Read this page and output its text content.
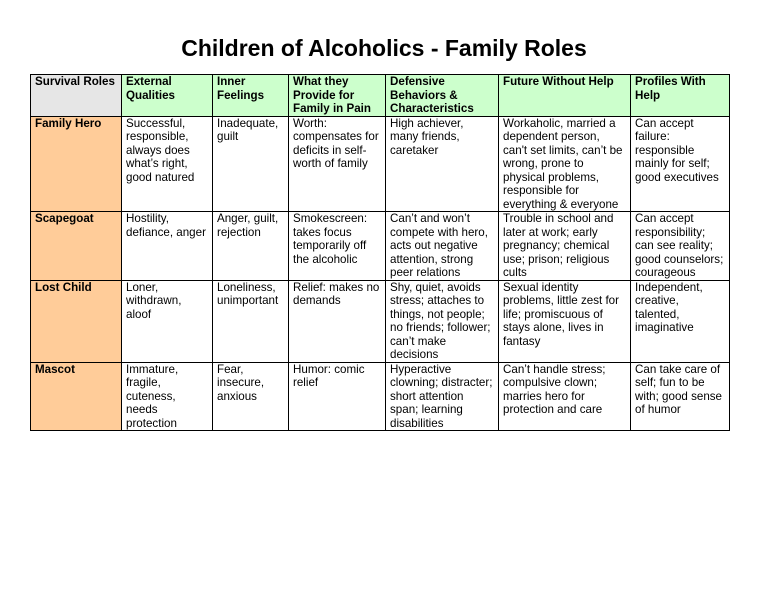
Children of Alcoholics - Family Roles
Survival Roles	External Qualities	Inner Feelings	What they Provide for Family in Pain	Defensive Behaviors & Characteristics	Future Without Help	Profiles With Help
Family Hero	Successful, responsible, always does what’s right, good natured	Inadequate, guilt	Worth: compensates for deficits in self-worth of family	High achiever, many friends, caretaker	Workaholic, married a dependent person, can't set limits, can’t be wrong, prone to physical problems, responsible for everything & everyone	Can accept failure: responsible mainly for self; good executives
Scapegoat	Hostility, defiance, anger	Anger, guilt, rejection	Smokescreen: takes focus temporarily off the alcoholic	Can’t and won’t compete with hero, acts out negative attention, strong peer relations	Trouble in school and later at work; early pregnancy; chemical use; prison; religious cults	Can accept responsibility; can see reality; good counselors; courageous
Lost Child	Loner, withdrawn, aloof	Loneliness, unimportant	Relief: makes no demands	Shy, quiet, avoids stress; attaches to things, not people; no friends; follower; can’t make decisions	Sexual identity problems, little zest for life; promiscuous of stays alone, lives in fantasy	Independent, creative, talented, imaginative
Mascot	Immature, fragile, cuteness, needs protection	Fear, insecure, anxious	Humor: comic relief	Hyperactive clowning; distracter; short attention span; learning disabilities	Can’t handle stress; compulsive clown; marries hero for protection and care	Can take care of self; fun to be with; good sense of humor
